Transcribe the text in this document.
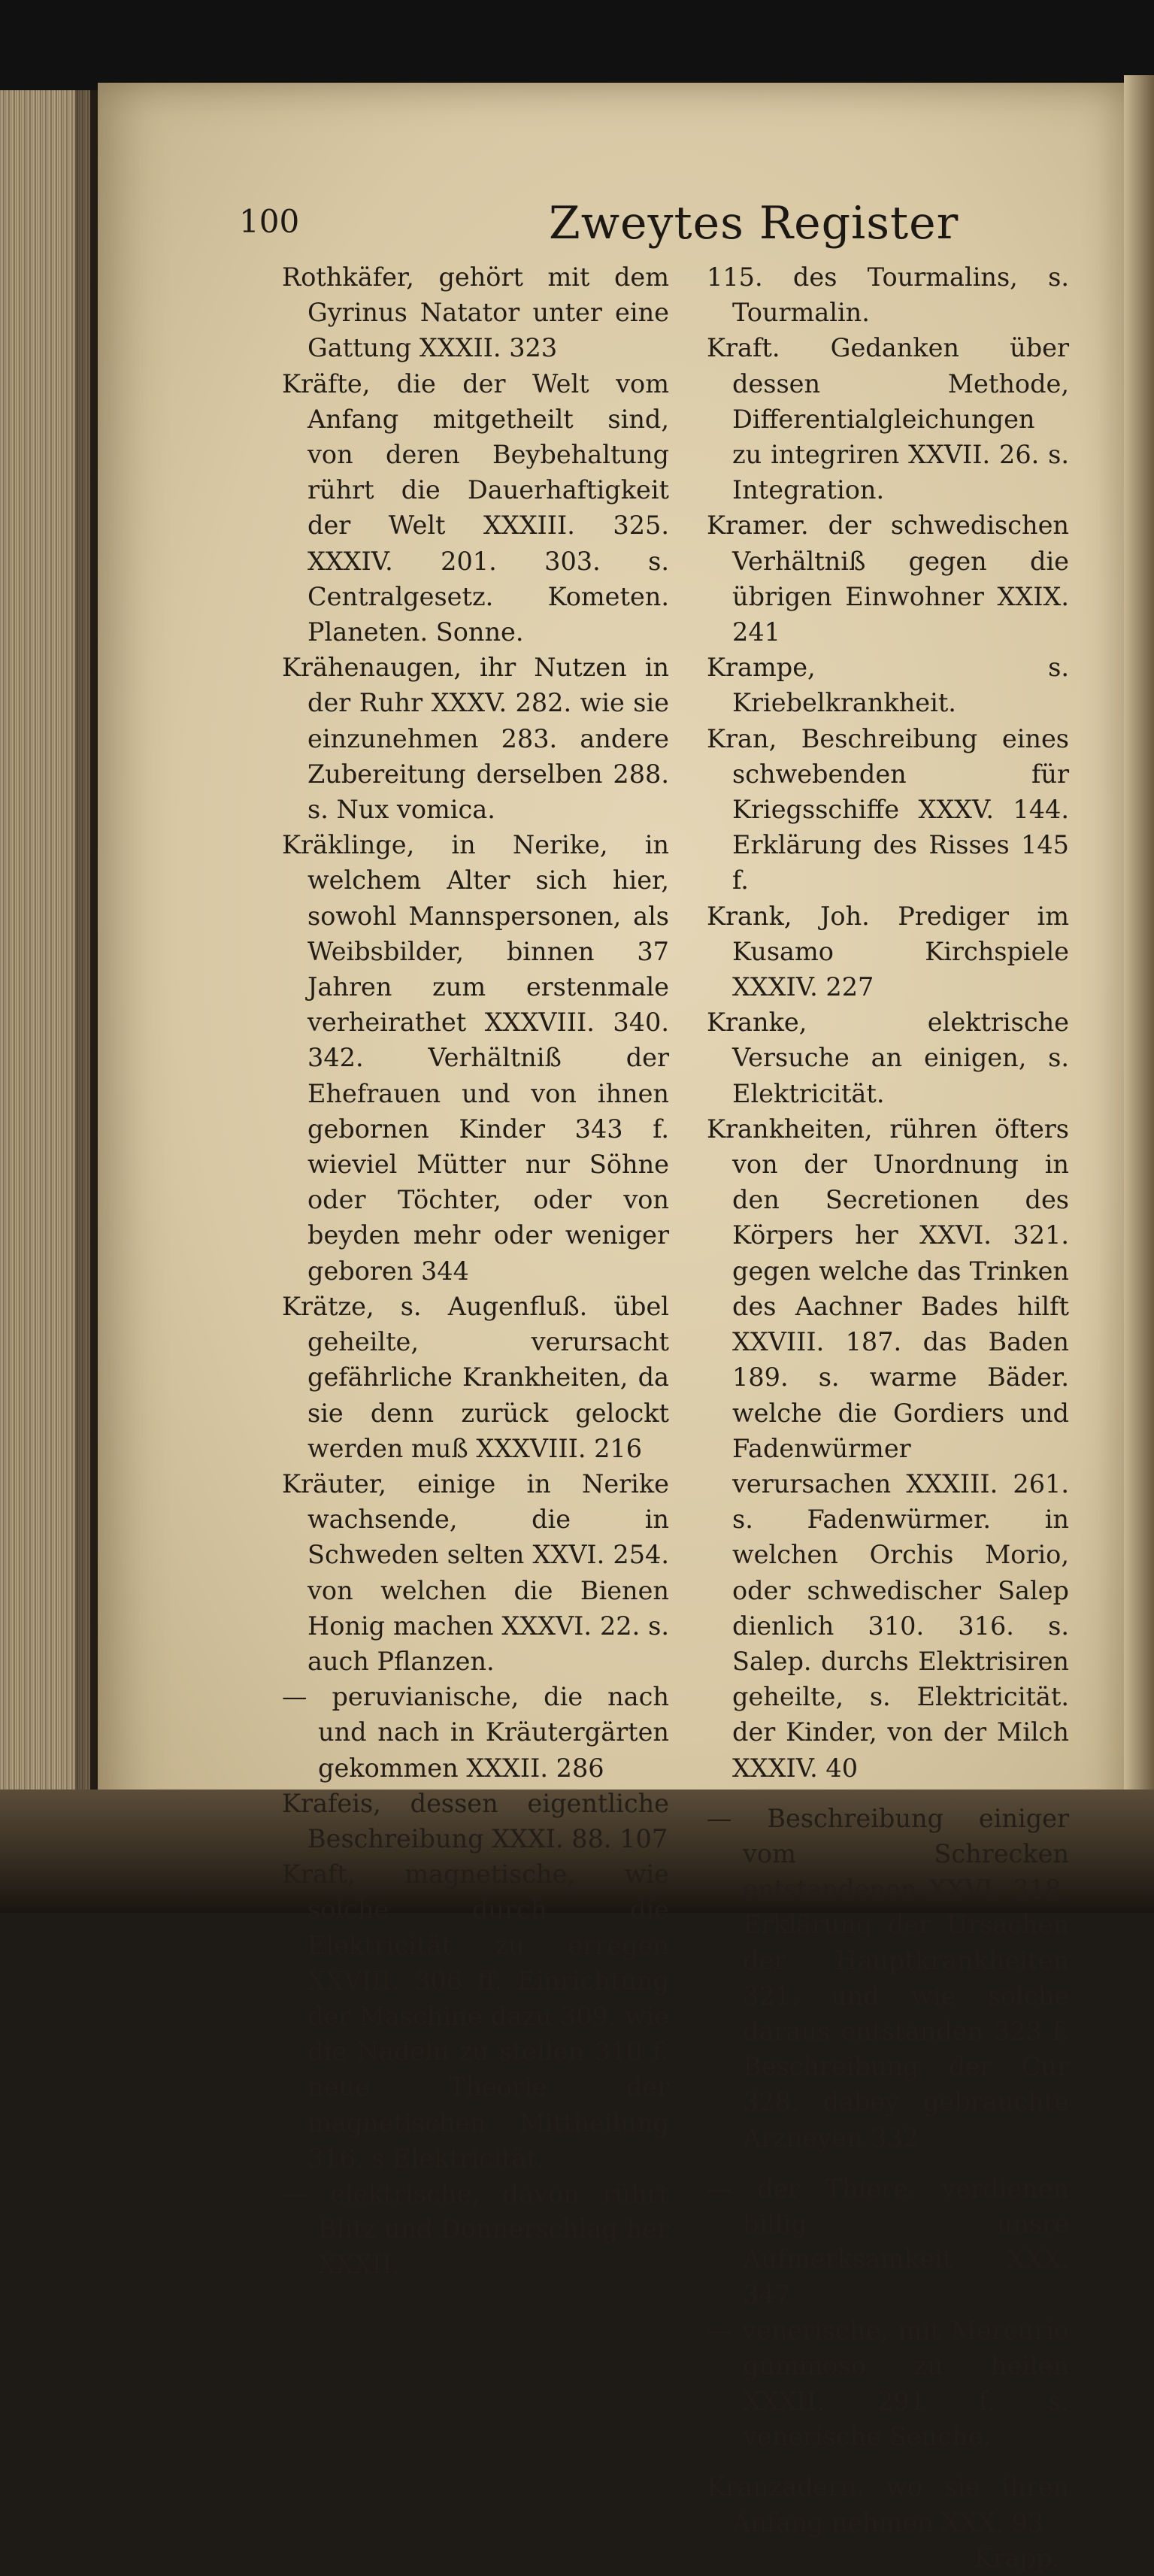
100	Zweytes Register
Rothkäfer, gehört mit dem Gyrinus Natator unter eine Gattung XXXII. 323
Kräfte, die der Welt vom Anfang mitgetheilt sind, von deren Beybehaltung rührt die Dauerhaftigkeit der Welt XXXIII. 325. XXXIV. 201. 303. s. Centralgesetz. Kometen. Planeten. Sonne.
Krähenaugen, ihr Nutzen in der Ruhr XXXV. 282. wie sie einzunehmen 283. andere Zubereitung derselben 288. s. Nux vomica.
Kräklinge, in Nerike, in welchem Alter sich hier, sowohl Mannspersonen, als Weibsbilder, binnen 37 Jahren zum erstenmale verheirathet XXXVIII. 340. 342. Verhältniß der Ehefrauen und von ihnen gebornen Kinder 343 f. wieviel Mütter nur Söhne oder Töchter, oder von beyden mehr oder weniger geboren 344
Krätze, s. Augenfluß. übel geheilte, verursacht gefährliche Krankheiten, da sie denn zurück gelockt werden muß XXXVIII. 216
Kräuter, einige in Nerike wachsende, die in Schweden selten XXVI. 254. von welchen die Bienen Honig machen XXXVI. 22. s. auch Pflanzen.
— peruvianische, die nach und nach in Kräutergärten gekommen XXXII. 286
Krafeis, dessen eigentliche Beschreibung XXXI. 88. 107
Kraft, magnetische, wie solche durch die Elektricität zu erregen XXVIII. 306 ff. Einrichtung der Maschine dazu 309. wie die Nadeln zu stellen 310 f. neue Theorie der magnetischen Mittheilung 316. s Elektricität.
— elektrische, davon rührt Blitz und Donnerschlag her XXXII.
115. des Tourmalins, s. Tourmalin.
Kraft. Gedanken über dessen Methode, Differentialgleichungen zu integriren XXVII. 26. s. Integration.
Kramer. der schwedischen Verhältniß gegen die übrigen Einwohner XXIX. 241
Krampe, s. Kriebelkrankheit.
Kran, Beschreibung eines schwebenden für Kriegsschiffe XXXV. 144. Erklärung des Risses 145 f.
Krank, Joh. Prediger im Kusamo Kirchspiele XXXIV. 227
Kranke, elektrische Versuche an einigen, s. Elektricität.
Krankheiten, rühren öfters von der Unordnung in den Secretionen des Körpers her XXVI. 321. gegen welche das Trinken des Aachner Bades hilft XXVIII. 187. das Baden 189. s. warme Bäder. welche die Gordiers und Fadenwürmer verursachen XXXIII. 261. s. Fadenwürmer. in welchen Orchis Morio, oder schwedischer Salep dienlich 310. 316. s. Salep. durchs Elektrisiren geheilte, s. Elektricität. der Kinder, von der Milch XXXIV. 40
— Beschreibung einiger vom Schrecken entstandenen XXVI. 318. Erklärung der Ursachen der Hauptkrankheiten 321. und wie solche daraus entstanden 323 f. Beschreibung der Cur 328. dabey gebrauchte Arzneyen 332
— der Thiere. verdienen billig unsre Aufmerksamkeit XXX. 347
— venerische, mit Mercurio gummoso zu heilen XXXII. 291 f. s. venerische Seuche.
Kranzadern. wo sie ihren Anfang nehmen XXX. 93
Krapp.
